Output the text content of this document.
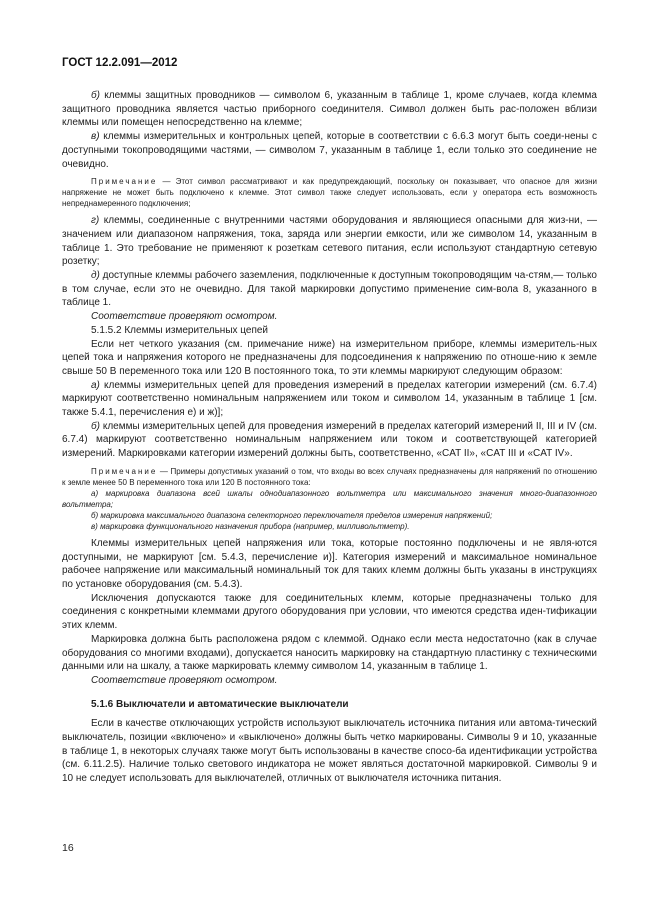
ГОСТ 12.2.091—2012

б) клеммы защитных проводников — символом 6, указанным в таблице 1, кроме случаев, когда клемма защитного проводника является частью приборного соединителя. Символ должен быть рас-положен вблизи клеммы или помещен непосредственно на клемме;

в) клеммы измерительных и контрольных цепей, которые в соответствии с 6.6.3 могут быть соеди-нены с доступными токопроводящими частями, — символом 7, указанным в таблице 1, если только это соединение не очевидно.

Примечание — Этот символ рассматривают и как предупреждающий, поскольку он показывает, что опасное для жизни напряжение не может быть подключено к клемме. Этот символ также следует использовать, если у оператора есть возможность непреднамеренного подключения;

г) клеммы, соединенные с внутренними частями оборудования и являющиеся опасными для жиз-ни, — значением или диапазоном напряжения, тока, заряда или энергии емкости, или же символом 14, указанным в таблице 1. Это требование не применяют к розеткам сетевого питания, если используют стандартную сетевую розетку;

д) доступные клеммы рабочего заземления, подключенные к доступным токопроводящим ча-стям,— только в том случае, если это не очевидно. Для такой маркировки допустимо применение сим-вола 8, указанного в таблице 1.

Соответствие проверяют осмотром.

5.1.5.2 Клеммы измерительных цепей

Если нет четкого указания (см. примечание ниже) на измерительном приборе, клеммы измеритель-ных цепей тока и напряжения которого не предназначены для подсоединения к напряжению по отноше-нию к земле свыше 50 В переменного тока или 120 В постоянного тока, то эти клеммы маркируют следующим образом:

а) клеммы измерительных цепей для проведения измерений в пределах категории измерений (см. 6.7.4) маркируют соответственно номинальным напряжением или током и символом 14, указанным в таблице 1 [см. также 5.4.1, перечисления е) и ж)];

б) клеммы измерительных цепей для проведения измерений в пределах категорий измерений II, III и IV (см. 6.7.4) маркируют соответственно номинальным напряжением или током и соответствующей категорией измерений. Маркировками категории измерений должны быть, соответственно, «CAT II», «CAT III и «CAT IV».

Примечание — Примеры допустимых указаний о том, что входы во всех случаях предназначены для напряжений по отношению к земле менее 50 В переменного тока или 120 В постоянного тока:

а) маркировка диапазона всей шкалы однодиапазонного вольтметра или максимального значения много-диапазонного вольтметра;

б) маркировка максимального диапазона селекторного переключателя пределов измерения напряжений;

в) маркировка функционального назначения прибора (например, милливольтметр).

Клеммы измерительных цепей напряжения или тока, которые постоянно подключены и не явля-ются доступными, не маркируют [см. 5.4.3, перечисление и)]. Категория измерений и максимальное номинальное рабочее напряжение или максимальный номинальный ток для таких клемм должны быть указаны в инструкциях по установке оборудования (см. 5.4.3).

Исключения допускаются также для соединительных клемм, которые предназначены только для соединения с конкретными клеммами другого оборудования при условии, что имеются средства иден-тификации этих клемм.

Маркировка должна быть расположена рядом с клеммой. Однако если места недостаточно (как в случае оборудования со многими входами), допускается наносить маркировку на стандартную пластинку с техническими данными или на шкалу, а также маркировать клемму символом 14, указанным в таблице 1.

Соответствие проверяют осмотром.

5.1.6 Выключатели и автоматические выключатели

Если в качестве отключающих устройств используют выключатель источника питания или автома-тический выключатель, позиции «включено» и «выключено» должны быть четко маркированы. Символы 9 и 10, указанные в таблице 1, в некоторых случаях также могут быть использованы в качестве спосо-ба идентификации устройства (см. 6.11.2.5). Наличие только светового индикатора не может являться достаточной маркировкой. Символы 9 и 10 не следует использовать для выключателей, отличных от выключателя источника питания.

16
